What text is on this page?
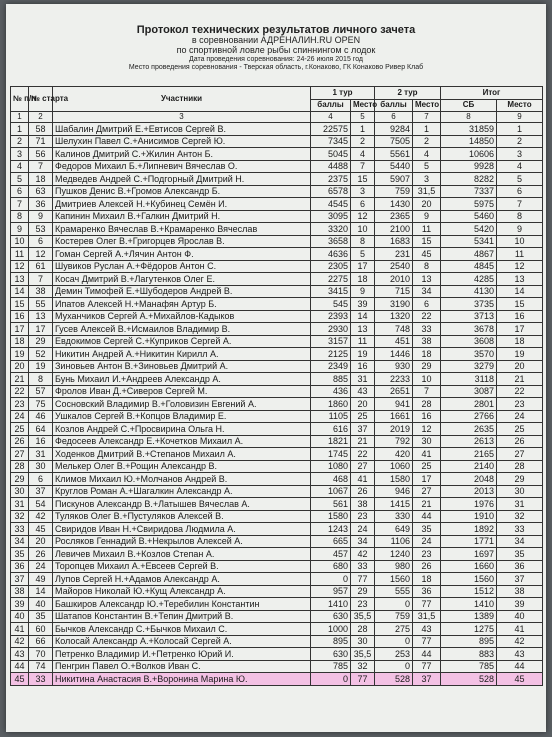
Протокол технических результатов личного зачета
в соревновании АДРЕНАЛИН.RU OPEN
по спортивной ловле рыбы спиннингом с лодок
Дата проведения соревнования: 24-26 июля 2015 год
Место проведения соревнования - Тверская область, г.Конаково, ГК Конаково Ривер Клаб
№ п/п	№ старта	Участники	1 тур		2 тур		Итог	
			баллы	Место	баллы	Место	СБ	Место
1	2	3	4	5	6	7	8	9
1	58	Шабалин Дмитрий Е.+Евтисов Сергей В.	22575	1	9284	1	31859	1
2	71	Шелухин Павел С.+Анисимов Сергей Ю.	7345	2	7505	2	14850	2
3	56	Калинов Дмитрий С.+Жилин Антон Б.	5045	4	5561	4	10606	3
4	7	Федоров Михаил Б.+Липневич Вячеслав О.	4488	7	5440	5	9928	4
5	18	Медведев Андрей С.+Подгорный Дмитрий Н.	2375	15	5907	3	8282	5
6	63	Пушков Денис В.+Громов Александр Б.	6578	3	759	31,5	7337	6
7	36	Дмитриев Алексей Н.+Кубинец Семён И.	4545	6	1430	20	5975	7
8	9	Капинин Михаил В.+Галкин Дмитрий Н.	3095	12	2365	9	5460	8
9	53	Крамаренко Вячеслав В.+Крамаренко Вячеслав	3320	10	2100	11	5420	9
10	6	Костерев Олег В.+Григорцев Ярослав В.	3658	8	1683	15	5341	10
11	12	Гоман Сергей А.+Лячин Антон Ф.	4636	5	231	45	4867	11
12	61	Шувиков Руслан А.+Фёдоров Антон С.	2305	17	2540	8	4845	12
13	7	Косач Дмитрий В.+Лагутенков Олег Е.	2275	18	2010	13	4285	13
14	38	Демин Тимофей Е.+Шубодеров Андрей В.	3415	9	715	34	4130	14
15	55	Ипатов Алексей Н.+Манафян Артур Б.	545	39	3190	6	3735	15
16	13	Муханчиков Сергей А.+Михайлов-Кадыков	2393	14	1320	22	3713	16
17	17	Гусев Алексей В.+Исмаилов Владимир В.	2930	13	748	33	3678	17
18	29	Евдокимов Сергей С.+Куприков Сергей А.	3157	11	451	38	3608	18
19	52	Никитин Андрей А.+Никитин Кирилл А.	2125	19	1446	18	3570	19
20	19	Зиновьев Антон В.+Зиновьев Дмитрий А.	2349	16	930	29	3279	20
21	8	Бунь Михаил И.+Андреев Александр А.	885	31	2233	10	3118	21
22	57	Фролов Иван Д.+Сиверов Сергей М.	436	43	2651	7	3087	22
23	75	Сосновский Владимир В.+Головизин Евгений А.	1860	20	941	28	2801	23
24	46	Ушкалов Сергей В.+Копцов Владимир Е.	1105	25	1661	16	2766	24
25	64	Козлов Андрей С.+Просвирина Ольга Н.	616	37	2019	12	2635	25
26	16	Федосеев Александр Е.+Кочетков Михаил А.	1821	21	792	30	2613	26
27	31	Ходенков Дмитрий В.+Степанов Михаил А.	1745	22	420	41	2165	27
28	30	Мелькер Олег В.+Рощин Александр В.	1080	27	1060	25	2140	28
29	6	Климов Михаил Ю.+Молчанов Андрей В.	468	41	1580	17	2048	29
30	37	Круглов Роман А.+Шагалкин Александр А.	1067	26	946	27	2013	30
31	54	Пискунов Александр В.+Латышев Вячеслав А.	561	38	1415	21	1976	31
32	42	Туляков Олег В.+Пустуляков Алексей В.	1580	23	330	44	1910	32
33	45	Свиридов Иван Н.+Свиридова Людмила А.	1243	24	649	35	1892	33
34	20	Росляков Геннадий В.+Некрылов Алексей А.	665	34	1106	24	1771	34
35	26	Левичев Михаил В.+Козлов Степан А.	457	42	1240	23	1697	35
36	24	Торопцев Михаил А.+Евсеев Сергей В.	680	33	980	26	1660	36
37	49	Лупов Сергей Н.+Адамов Александр А.	0	77	1560	18	1560	37
38	14	Майоров Николай Ю.+Кущ Александр А.	957	29	555	36	1512	38
39	40	Башкиров Александр Ю.+Теребилин Константин	1410	23	0	77	1410	39
40	35	Шатапов Константин В.+Тепин Дмитрий В.	630	35,5	759	31,5	1389	40
41	60	Бычков Александр С.+Бычков Михаил С.	1000	28	275	43	1275	41
42	66	Колосай Александр А.+Колосай Сергей А.	895	30	0	77	895	42
43	70	Петренко Владимир И.+Петренко Юрий И.	630	35,5	253	44	883	43
44	74	Пенгрин Павел О.+Волков Иван С.	785	32	0	77	785	44
45	33	Никитина Анастасия В.+Воронина Марина Ю.	0	77	528	37	528	45
